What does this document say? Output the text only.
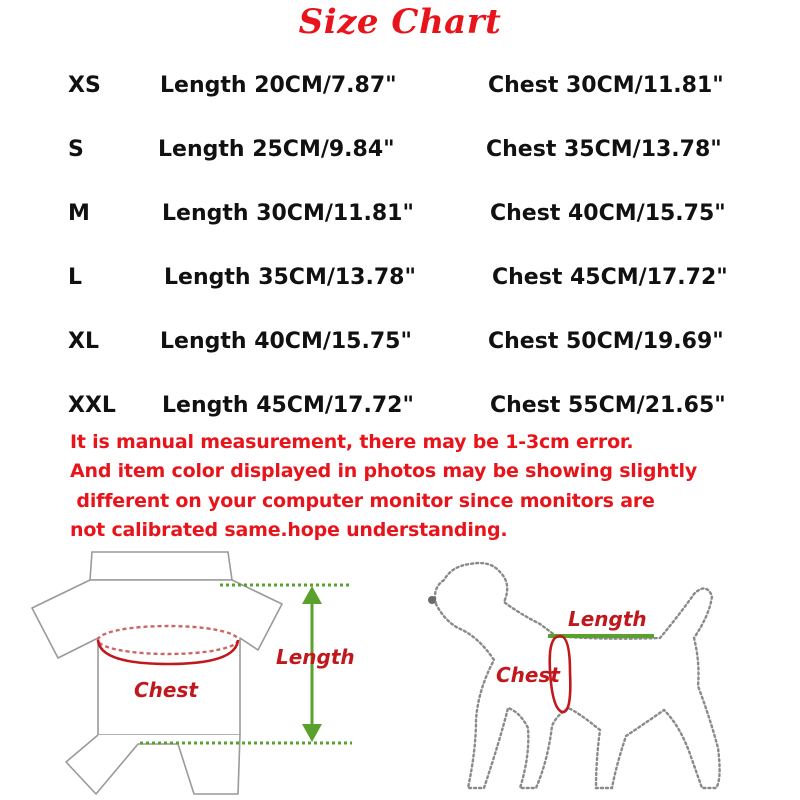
Size Chart
XS	Length 20CM/7.87"	Chest 30CM/11.81"
S	Length 25CM/9.84"	Chest 35CM/13.78"
M	Length 30CM/11.81"	Chest 40CM/15.75"
L	Length 35CM/13.78"	Chest 45CM/17.72"
XL	Length 40CM/15.75"	Chest 50CM/19.69"
XXL Length 45CM/17.72"	Chest 55CM/21.65"
It is manual measurement, there may be 1-3cm error.
And item color displayed in photos may be showing slightly
different on your computer monitor since monitors are
not calibrated same.hope understanding.
Length
Chest
Length
Chest
